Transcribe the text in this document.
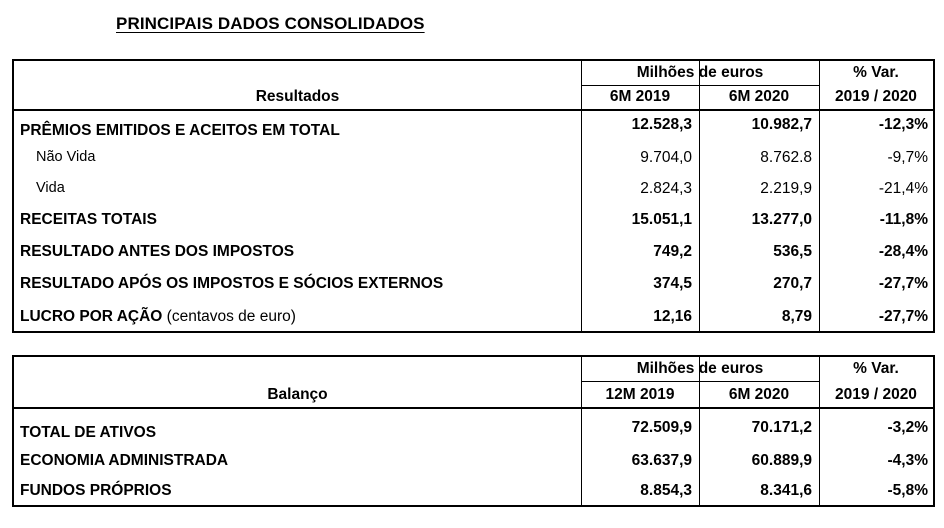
PRINCIPAIS DADOS CONSOLIDADOS
Milhões de euros	% Var.
Resultados	6M 2019	6M 2020	2019 / 2020
PRÊMIOS EMITIDOS E ACEITOS EM TOTAL	12.528,3	10.982,7	-12,3%
Não Vida	9.704,0	8.762.8	-9,7%
Vida	2.824,3	2.219,9	-21,4%
RECEITAS TOTAIS	15.051,1	13.277,0	-11,8%
RESULTADO ANTES DOS IMPOSTOS	749,2	536,5	-28,4%
RESULTADO APÓS OS IMPOSTOS E SÓCIOS EXTERNOS	374,5	270,7	-27,7%
LUCRO POR AÇÃO (centavos de euro)	12,16	8,79	-27,7%
Milhões de euros	% Var.
Balanço	12M 2019	6M 2020	2019 / 2020
TOTAL DE ATIVOS	72.509,9	70.171,2	-3,2%
ECONOMIA ADMINISTRADA	63.637,9	60.889,9	-4,3%
FUNDOS PRÓPRIOS	8.854,3	8.341,6	-5,8%
